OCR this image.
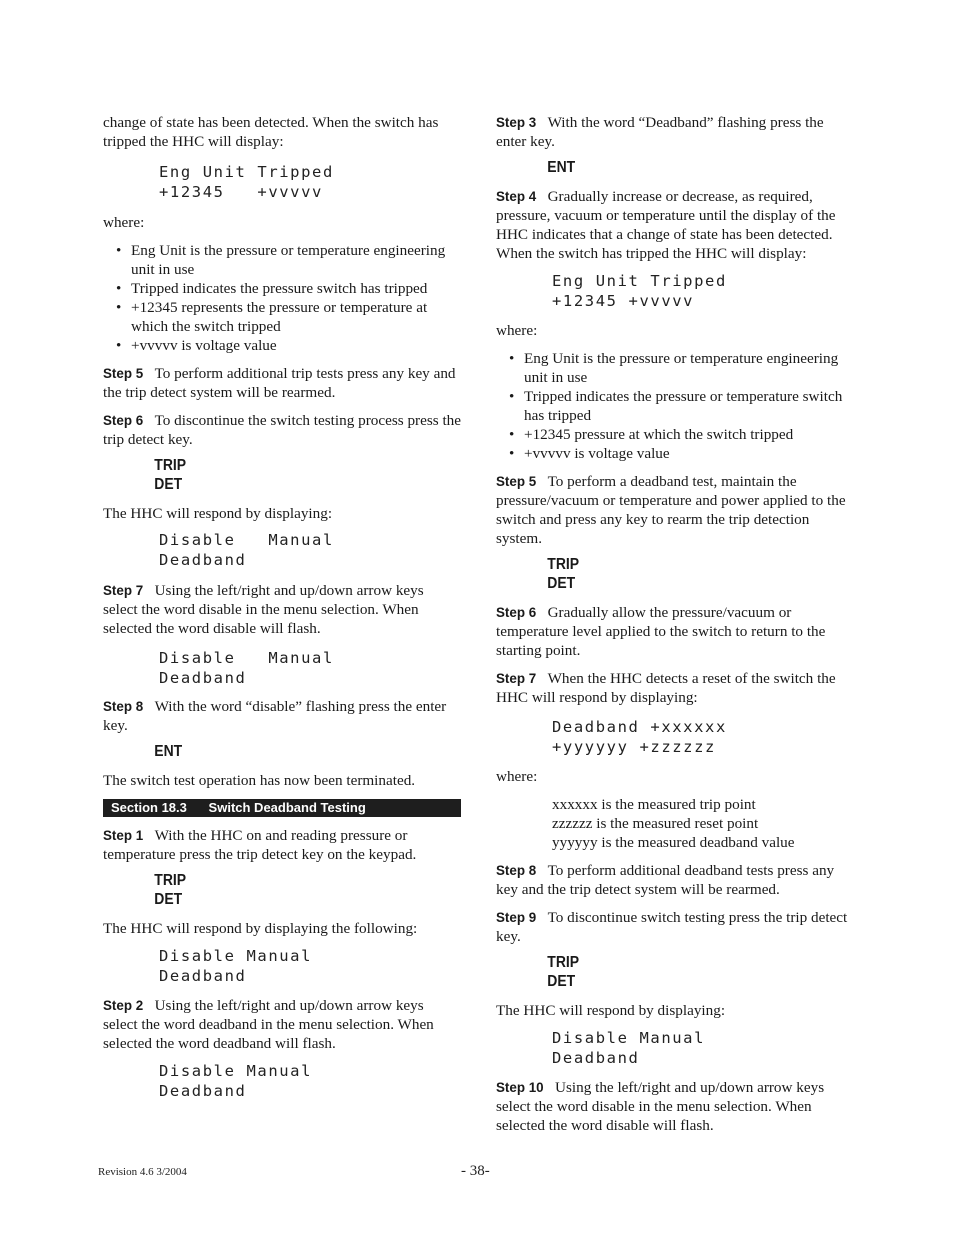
change of state has been detected. When the switch has tripped the HHC will display:

Eng Unit Tripped
+12345   +vvvvv

where:

• Eng Unit is the pressure or temperature engineering unit in use
• Tripped indicates the pressure switch has tripped
• +12345 represents the pressure or temperature at which the switch tripped
• +vvvvv is voltage value

Step 5 To perform additional trip tests press any key and the trip detect system will be rearmed.

Step 6 To discontinue the switch testing process press the trip detect key.

TRIP
DET

The HHC will respond by displaying:

Disable   Manual
Deadband

Step 7 Using the left/right and up/down arrow keys select the word disable in the menu selection. When selected the word disable will flash.

Disable   Manual
Deadband

Step 8 With the word “disable” flashing press the enter key.

ENT

The switch test operation has now been terminated.

Section 18.3 Switch Deadband Testing

Step 1 With the HHC on and reading pressure or temperature press the trip detect key on the keypad.

TRIP
DET

The HHC will respond by displaying the following:

Disable Manual
Deadband

Step 2 Using the left/right and up/down arrow keys select the word deadband in the menu selection. When selected the word deadband will flash.

Disable Manual
Deadband

Step 3 With the word “Deadband” flashing press the enter key.

ENT

Step 4 Gradually increase or decrease, as required, pressure, vacuum or temperature until the display of the HHC indicates that a change of state has been detected. When the switch has tripped the HHC will display:

Eng Unit Tripped
+12345 +vvvvv

where:

• Eng Unit is the pressure or temperature engineering unit in use
• Tripped indicates the pressure or temperature switch has tripped
• +12345 pressure at which the switch tripped
• +vvvvv is voltage value

Step 5 To perform a deadband test, maintain the pressure/vacuum or temperature and power applied to the switch and press any key to rearm the trip detection system.

TRIP
DET

Step 6 Gradually allow the pressure/vacuum or temperature level applied to the switch to return to the starting point.

Step 7 When the HHC detects a reset of the switch the HHC will respond by displaying:

Deadband +xxxxxx
+yyyyyy +zzzzzz

where:

xxxxxx is the measured trip point
zzzzzz is the measured reset point
yyyyyy is the measured deadband value

Step 8 To perform additional deadband tests press any key and the trip detect system will be rearmed.

Step 9 To discontinue switch testing press the trip detect key.

TRIP
DET

The HHC will respond by displaying:

Disable Manual
Deadband

Step 10 Using the left/right and up/down arrow keys select the word disable in the menu selection. When selected the word disable will flash.

Revision 4.6 3/2004	- 38-
